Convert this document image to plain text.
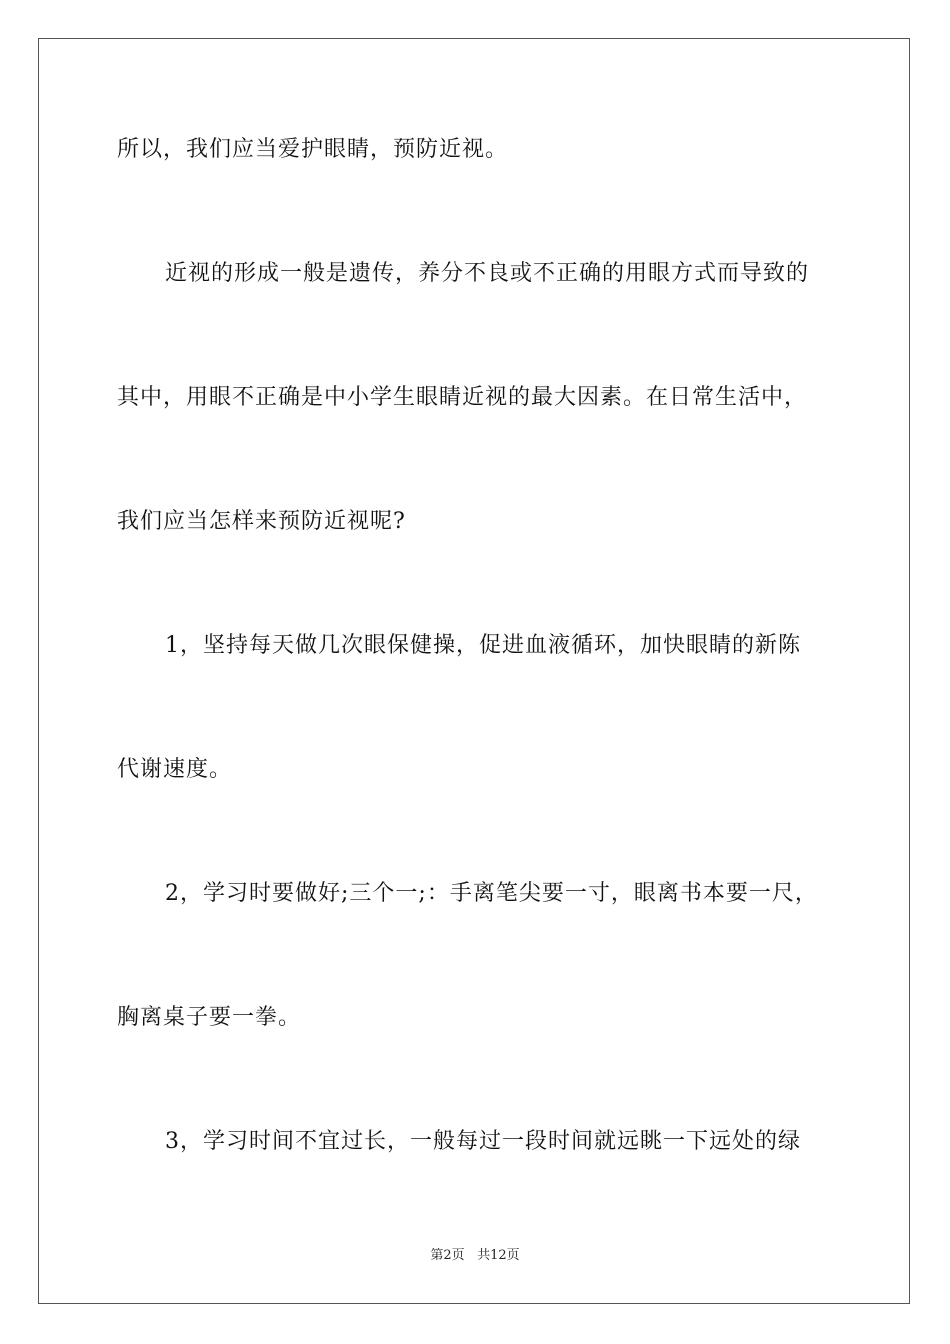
所以，我们应当爱护眼睛，预防近视。
近视的形成一般是遗传，养分不良或不正确的用眼方式而导致的
其中，用眼不正确是中小学生眼睛近视的最大因素。在日常生活中，
我们应当怎样来预防近视呢?
1，坚持每天做几次眼保健操，促进血液循环，加快眼睛的新陈
代谢速度。
2，学习时要做好;三个一;：手离笔尖要一寸，眼离书本要一尺，
胸离桌子要一拳。
3，学习时间不宜过长，一般每过一段时间就远眺一下远处的绿
第2页 共12页
